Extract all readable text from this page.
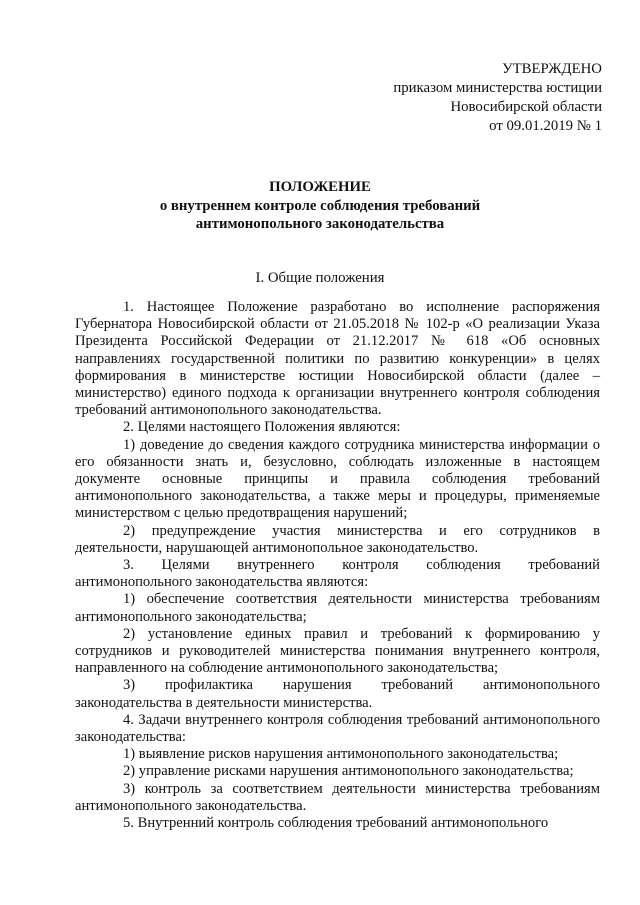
УТВЕРЖДЕНО
приказом министерства юстиции
Новосибирской области
от 09.01.2019 № 1
ПОЛОЖЕНИЕ
о внутреннем контроле соблюдения требований
антимонопольного законодательства
I. Общие положения

1. Настоящее Положение разработано во исполнение распоряжения Губернатора Новосибирской области от 21.05.2018 № 102-р «О реализации Указа Президента Российской Федерации от 21.12.2017 № 618 «Об основных направлениях государственной политики по развитию конкуренции» в целях формирования в министерстве юстиции Новосибирской области (далее – министерство) единого подхода к организации внутреннего контроля соблюдения требований антимонопольного законодательства.

2. Целями настоящего Положения являются:

1) доведение до сведения каждого сотрудника министерства информации о его обязанности знать и, безусловно, соблюдать изложенные в настоящем документе основные принципы и правила соблюдения требований антимонопольного законодательства, а также меры и процедуры, применяемые министерством с целью предотвращения нарушений;

2) предупреждение участия министерства и его сотрудников в деятельности, нарушающей антимонопольное законодательство.

3. Целями внутреннего контроля соблюдения требований антимонопольного законодательства являются:

1) обеспечение соответствия деятельности министерства требованиям антимонопольного законодательства;

2) установление единых правил и требований к формированию у сотрудников и руководителей министерства понимания внутреннего контроля, направленного на соблюдение антимонопольного законодательства;

3) профилактика нарушения требований антимонопольного законодательства в деятельности министерства.

4. Задачи внутреннего контроля соблюдения требований антимонопольного законодательства:

1) выявление рисков нарушения антимонопольного законодательства;

2) управление рисками нарушения антимонопольного законодательства;

3) контроль за соответствием деятельности министерства требованиям антимонопольного законодательства.

5. Внутренний контроль соблюдения требований антимонопольного
